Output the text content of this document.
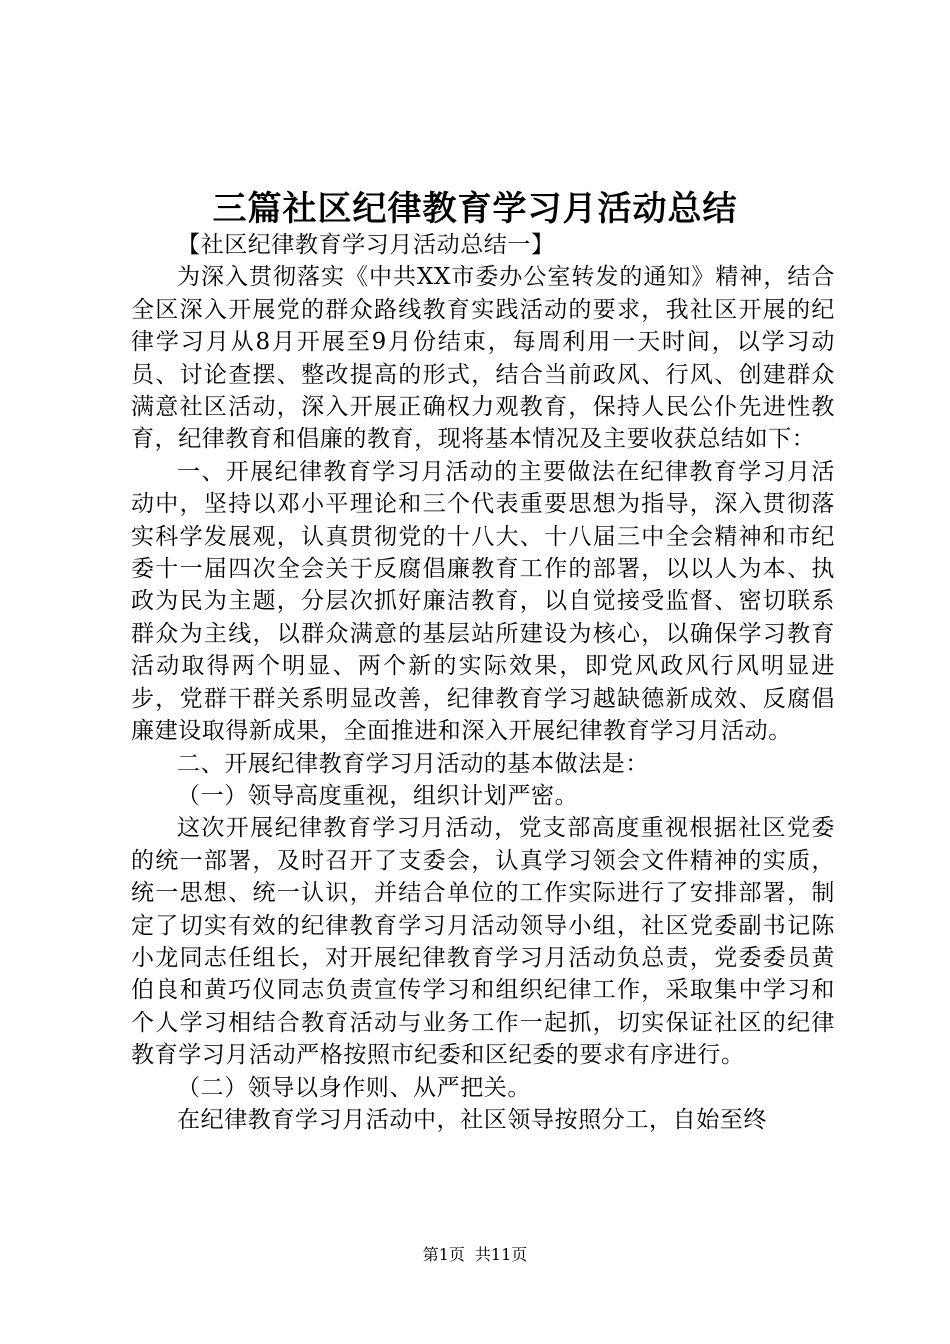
三篇社区纪律教育学习月活动总结

【社区纪律教育学习月活动总结一】

为深入贯彻落实《中共XX市委办公室转发的通知》精神，结合全区深入开展党的群众路线教育实践活动的要求，我社区开展的纪律学习月从8月开展至9月份结束，每周利用一天时间，以学习动员、讨论查摆、整改提高的形式，结合当前政风、行风、创建群众满意社区活动，深入开展正确权力观教育，保持人民公仆先进性教育，纪律教育和倡廉的教育，现将基本情况及主要收获总结如下：

一、开展纪律教育学习月活动的主要做法在纪律教育学习月活动中，坚持以邓小平理论和三个代表重要思想为指导，深入贯彻落实科学发展观，认真贯彻党的十八大、十八届三中全会精神和市纪委十一届四次全会关于反腐倡廉教育工作的部署，以以人为本、执政为民为主题，分层次抓好廉洁教育，以自觉接受监督、密切联系群众为主线，以群众满意的基层站所建设为核心，以确保学习教育活动取得两个明显、两个新的实际效果，即党风政风行风明显进步，党群干群关系明显改善，纪律教育学习越缺德新成效、反腐倡廉建设取得新成果，全面推进和深入开展纪律教育学习月活动。

二、开展纪律教育学习月活动的基本做法是：

（一）领导高度重视，组织计划严密。

这次开展纪律教育学习月活动，党支部高度重视根据社区党委的统一部署，及时召开了支委会，认真学习领会文件精神的实质，统一思想、统一认识，并结合单位的工作实际进行了安排部署，制定了切实有效的纪律教育学习月活动领导小组，社区党委副书记陈小龙同志任组长，对开展纪律教育学习月活动负总责，党委委员黄伯良和黄巧仪同志负责宣传学习和组织纪律工作，采取集中学习和个人学习相结合教育活动与业务工作一起抓，切实保证社区的纪律教育学习月活动严格按照市纪委和区纪委的要求有序进行。

（二）领导以身作则、从严把关。

在纪律教育学习月活动中，社区领导按照分工，自始至终

第1页 共11页
